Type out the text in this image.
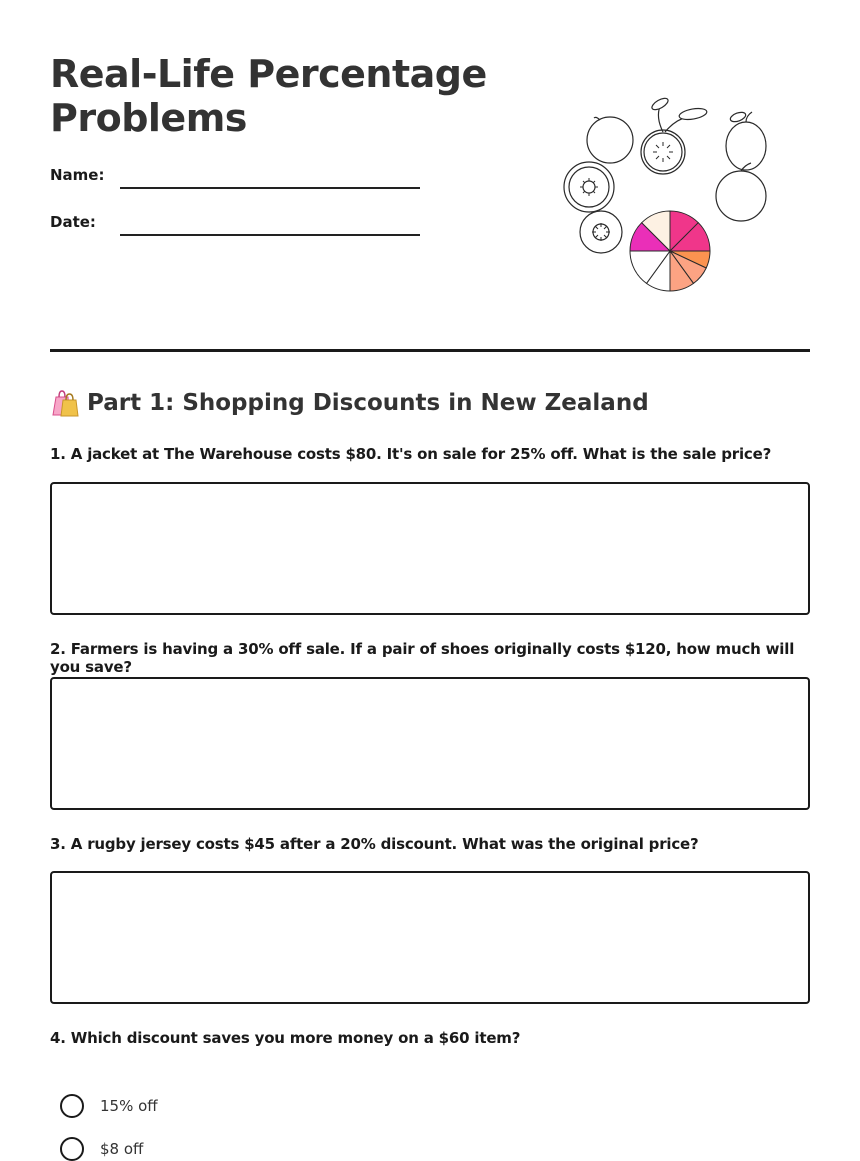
Real-Life Percentage Problems
Name:
Date:
Part 1: Shopping Discounts in New Zealand

1. A jacket at The Warehouse costs $80. It's on sale for 25% off. What is the sale price?

2. Farmers is having a 30% off sale. If a pair of shoes originally costs $120, how much will you save?

3. A rugby jersey costs $45 after a 20% discount. What was the original price?

4. Which discount saves you more money on a $60 item?

15% off
$8 off
